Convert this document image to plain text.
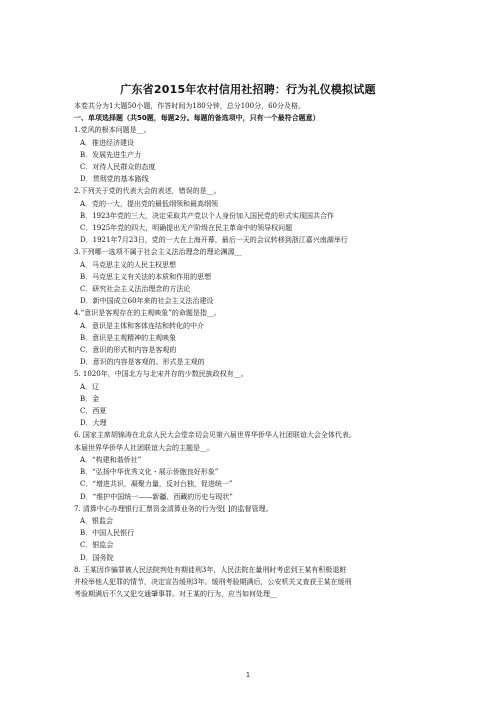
广东省2015年农村信用社招聘：行为礼仪模拟试题
本卷共分为1大题50小题，作答时间为180分钟，总分100分，60分及格。
一、单项选择题（共50题，每题2分。每题的备选项中，只有一个最符合题意）
1.党风的根本问题是__。
A．推进经济建设
B．发展先进生产力
C．对待人民群众的态度
D．贯彻党的基本路线
2.下列关于党的代表大会的表述，错误的是__。
A．党的一大，提出党的最低纲领和最高纲领
B．1923年党的三大，决定采取共产党以个人身份加入国民党的形式实现国共合作
C．1925年党的四大，明确提出无产阶级在民主革命中的领导权问题
D．1921年7月23日，党的一大在上海开幕，最后一天的会议转移到浙江嘉兴南湖举行
3.下列哪一选项不属于社会主义法治理念的理论渊源__
A．马克思主义的人民主权思想
B．马克思主义有关法的本质和作用的思想
C．研究社会主义法治理念的方法论
D．新中国成立60年来的社会主义法治建设
4.“意识是客观存在的主观映象”的命题是指__。
A．意识是主体和客体连结和转化的中介
B．意识是主观精神的主观映象
C．意识的形式和内容是客观的
D．意识的内容是客观的、形式是主观的
5. 1020年，中国北方与北宋并存的少数民族政权有__。
A．辽
B．金
C．西夏
D．大理
6. 国家主席胡锦涛在北京人民大会堂亲切会见第六届世界华侨华人社团联谊大会全体代表。
本届世界华侨华人社团联谊大会的主题是__。
A．“构建和谐侨社”
B．“弘扬中华优秀文化・展示侨胞良好形象”
C．“增进共识，凝聚力量，反对台独，促进统一”
D．“维护中国统一——新疆、西藏的历史与现状”
7. 清算中心办理银行汇票资金清算业务的行为受[ ]的监督管理。
A．银监会
B．中国人民银行
C．银监会
D．国务院
8. 王某因诈骗罪被人民法院判处有期徒刑3年，人民法院在量刑时考虑到王某有积极退赃
并检举他人犯罪的情节，决定宣告缓刑3年。缓刑考验期满后，公安机关又查获王某在缓刑
考验期满后不久又犯交通肇事罪。对王某的行为，应当如何处理__
1
